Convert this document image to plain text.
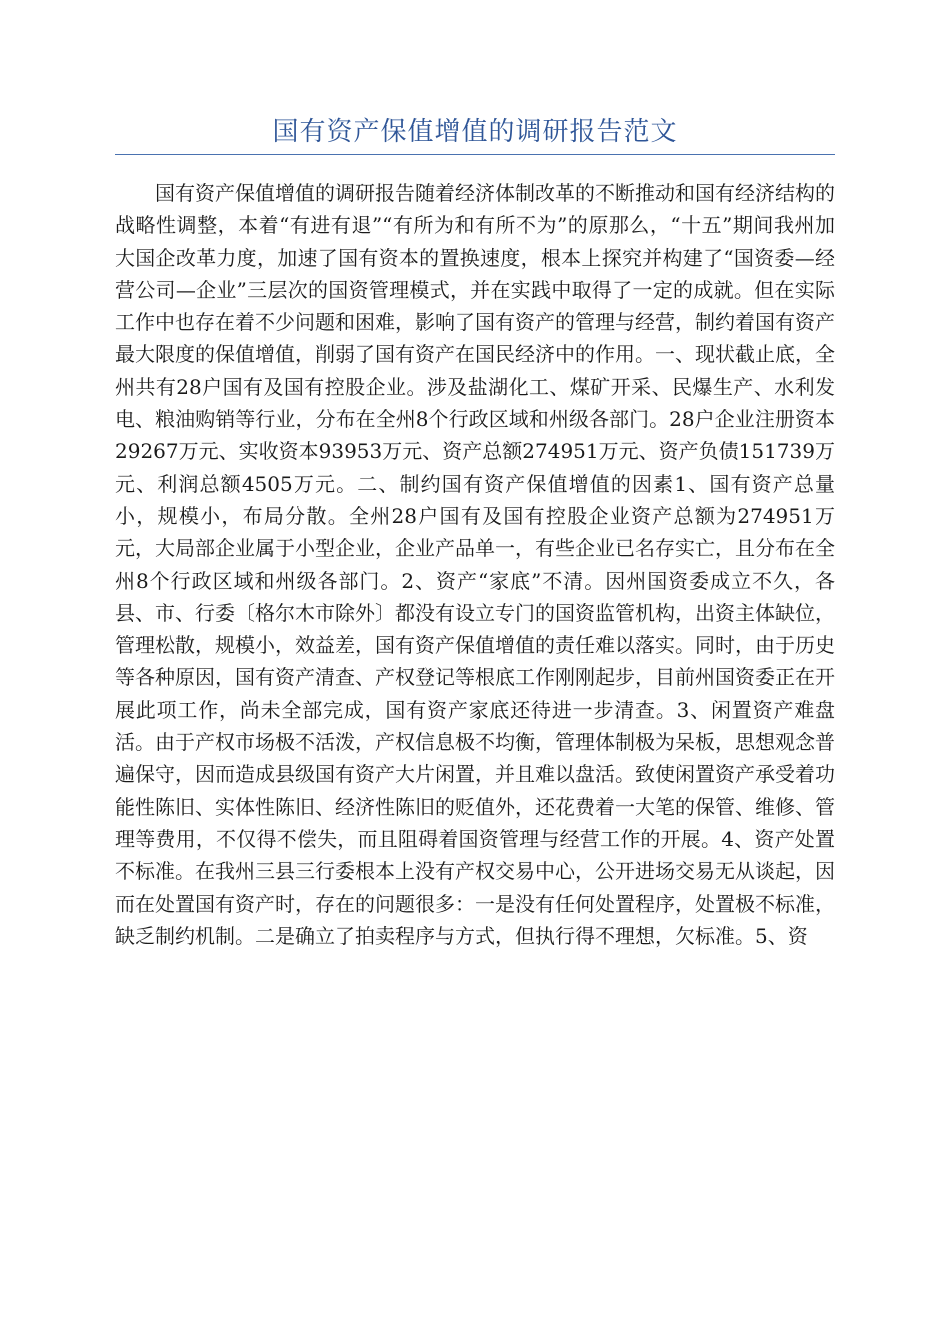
国有资产保值增值的调研报告范文

国有资产保值增值的调研报告随着经济体制改革的不断推动和国有经济结构的战略性调整，本着“有进有退”“有所为和有所不为”的原那么，“十五”期间我州加大国企改革力度，加速了国有资本的置换速度，根本上探究并构建了“国资委—经营公司—企业”三层次的国资管理模式，并在实践中取得了一定的成就。但在实际工作中也存在着不少问题和困难，影响了国有资产的管理与经营，制约着国有资产最大限度的保值增值，削弱了国有资产在国民经济中的作用。一、现状截止底，全州共有28户国有及国有控股企业。涉及盐湖化工、煤矿开采、民爆生产、水利发电、粮油购销等行业，分布在全州8个行政区域和州级各部门。28户企业注册资本29267万元、实收资本93953万元、资产总额274951万元、资产负债151739万元、利润总额4505万元。二、制约国有资产保值增值的因素1、国有资产总量小，规模小，布局分散。全州28户国有及国有控股企业资产总额为274951万元，大局部企业属于小型企业，企业产品单一，有些企业已名存实亡，且分布在全州8个行政区域和州级各部门。2、资产“家底”不清。因州国资委成立不久，各县、市、行委〔格尔木市除外〕都没有设立专门的国资监管机构，出资主体缺位，管理松散，规模小，效益差，国有资产保值增值的责任难以落实。同时，由于历史等各种原因，国有资产清查、产权登记等根底工作刚刚起步，目前州国资委正在开展此项工作，尚未全部完成，国有资产家底还待进一步清查。3、闲置资产难盘活。由于产权市场极不活泼，产权信息极不均衡，管理体制极为呆板，思想观念普遍保守，因而造成县级国有资产大片闲置，并且难以盘活。致使闲置资产承受着功能性陈旧、实体性陈旧、经济性陈旧的贬值外，还花费着一大笔的保管、维修、管理等费用，不仅得不偿失，而且阻碍着国资管理与经营工作的开展。4、资产处置不标准。在我州三县三行委根本上没有产权交易中心，公开进场交易无从谈起，因而在处置国有资产时，存在的问题很多：一是没有任何处置程序，处置极不标准，缺乏制约机制。二是确立了拍卖程序与方式，但执行得不理想，欠标准。5、资
